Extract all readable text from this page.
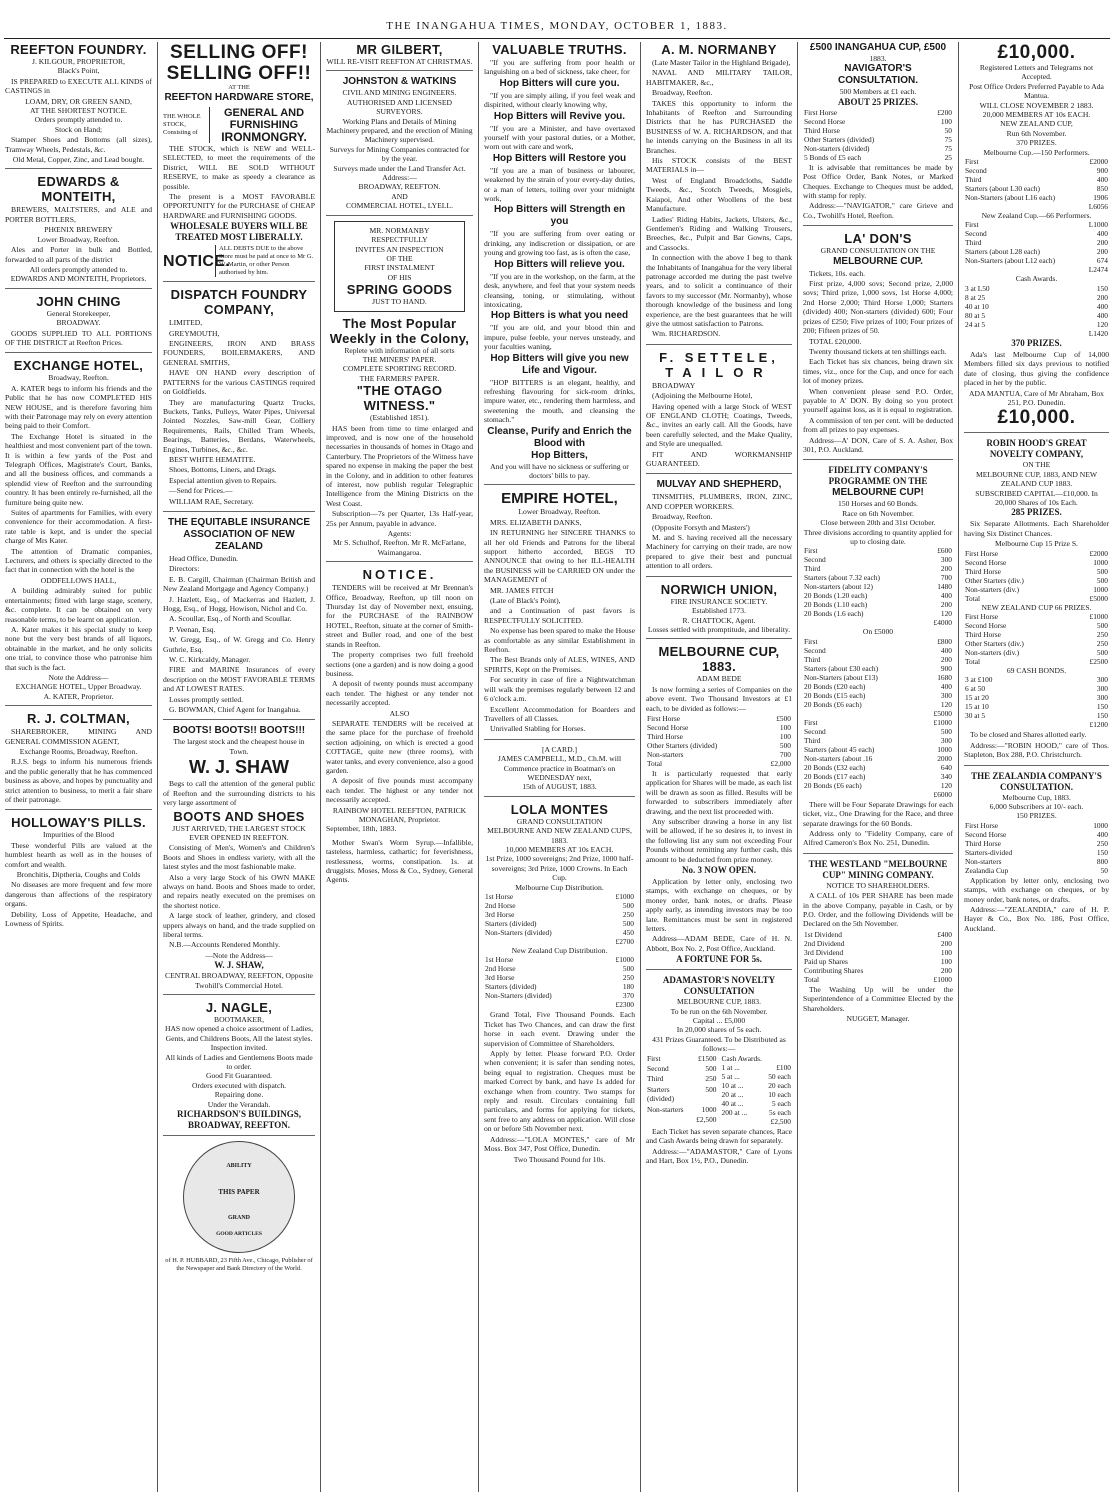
THE INANGAHUA TIMES, MONDAY, OCTOBER 1, 1883.
REEFTON FOUNDRY.
J. KILGOUR, PROPRIETOR,
Black's Point,
IS PREPARED to EXECUTE ALL KINDS of CASTINGS in
LOAM, DRY, OR GREEN SAND,
AT THE SHORTEST NOTICE.
Orders promptly attended to.
Stock on Hand;
Stamper Shoes and Bottoms (all sizes), Tramway Wheels, Pedestals, &c.
Old Metal, Copper, Zinc, and Lead bought.
EDWARDS & MONTEITH,
BREWERS, MALTSTERS, and ALE and PORTER BOTTLERS,
PHŒNIX BREWERY
Lower Broadway, Reefton.
Ales and Porter in bulk and Bottled, forwarded to all parts of the district
All orders promptly attended to.
EDWARDS AND MONTEITH, Proprietors.
JOHN CHING
General Storekeeper,
BROADWAY.
GOODS SUPPLIED TO ALL PORTIONS OF THE DISTRICT at Reefton Prices.
EXCHANGE HOTEL,
Broadway, Reefton.
A. KATER begs to inform his friends and the Public that he has now COMPLETED HIS NEW HOUSE, and is therefore favoring him with their Patronage may rely on every attention being paid to their Comfort.
The Exchange Hotel is situated in the healthiest and most convenient part of the town. It is within a few yards of the Post and Telegraph Offices, Magistrate's Court, Banks, and all the business offices, and commands a splendid view of Reefton and the surrounding country. It has been entirely re-furnished, all the furniture being quite new.
Suites of apartments for Families, with every convenience for their accommodation. A first-rate table is kept, and is under the special charge of Mrs Kater.
The attention of Dramatic companies, Lecturers, and others is specially directed to the fact that in connection with the hotel is the
ODDFELLOWS HALL,
A building admirably suited for public entertainments; fitted with large stage, scenery, &c. complete. It can be obtained on very reasonable terms, to be learnt on application.
A. Kater makes it his special study to keep none but the very best brands of all liquors, obtainable in the market, and he only solicits one trial, to convince those who patronise him that such is the fact.
Note the Address—
EXCHANGE HOTEL, Upper Broadway.
A. KATER, Proprietor.
R. J. COLTMAN,
SHAREBROKER, MINING AND GENERAL COMMISSION AGENT,
Exchange Rooms, Broadway, Reefton.
R.J.S. begs to inform his numerous friends and the public generally that he has commenced business as above, and hopes by punctuality and strict attention to business, to merit a fair share of their patronage.
HOLLOWAY'S PILLS.
Impurities of the Blood
These wonderful Pills are valued at the humblest hearth as well as in the houses of comfort and wealth.
Bronchitis, Diptheria, Coughs and Colds
No diseases are more frequent and few more dangerous than affections of the respiratory organs.
Debility, Loss of Appetite, Headache, and Lowness of Spirits.
SELLING OFF! SELLING OFF!!
AT THE
REEFTON HARDWARE STORE,
THE WHOLE STOCK,
Consisting of
GENERAL AND FURNISHING
IRONMONGRY.
THE STOCK, which is NEW and WELL-SELECTED, to meet the requirements of the District, WILL BE SOLD WITHOUT RESERVE, to make as speedy a clearance as possible.
The present is a MOST FAVORABLE OPPORTUNITY for the PURCHASE of CHEAP HARDWARE and FURNISHING GOODS.
WHOLESALE BUYERS WILL BE TREATED MOST LIBERALLY.
NOTICE.
ALL DEBTS DUE to the above Store must be paid at once to Mr G. W. Martin, or other Person authorised by him.
DISPATCH FOUNDRY COMPANY,
LIMITED,
GREYMOUTH,
ENGINEERS, IRON AND BRASS FOUNDERS, BOILERMAKERS, AND GENERAL SMITHS,
HAVE ON HAND every description of PATTERNS for the various CASTINGS required on Goldfields.
They are manufacturing Quartz Trucks, Buckets, Tanks, Pulleys, Water Pipes, Universal Jointed Nozzles, Saw-mill Gear, Colliery Requirements, Rails, Chilled Tram Wheels, Bearings, Batteries, Berdans, Waterwheels, Engines, Turbines, &c., &c.
BEST WHITE HEMATITE.
Shoes, Bottoms, Liners, and Drags.
Especial attention given to Repairs.
—Send for Prices.—
WILLIAM RAE, Secretary.
THE EQUITABLE INSURANCE ASSOCIATION OF NEW ZEALAND
Head Office, Dunedin.
Directors:
E. B. Cargill, Chairman (Chairman British and New Zealand Mortgage and Agency Company.)
J. Hazlett, Esq., of Mackerras and Hazlett, J. Hogg, Esq., of Hogg, Howison, Nichol and Co.
A. Scoullar, Esq., of North and Scoullar.
P. Veenan, Esq.
W. Gregg, Esq., of W. Gregg and Co. Henry Guthrie, Esq.
W. C. Kirkcaldy, Manager.
FIRE and MARINE Insurances of every description on the MOST FAVORABLE TERMS and AT LOWEST RATES.
Losses promptly settled.
G. BOWMAN, Chief Agent for Inangahua.
BOOTS! BOOTS!! BOOTS!!!
The largest stock and the cheapest house in Town.
W. J. SHAW
Begs to call the attention of the general public of Reefton and the surrounding districts to his very large assortment of
BOOTS AND SHOES
JUST ARRIVED, THE LARGEST STOCK EVER OPENED IN REEFTON.
Consisting of Men's, Women's and Children's Boots and Shoes in endless variety, with all the latest styles and the most fashionable make.
Also a very large Stock of his OWN MAKE always on hand. Boots and Shoes made to order, and repairs neatly executed on the premises on the shortest notice.
A large stock of leather, grindery, and closed uppers always on hand, and the trade supplied on liberal terms.
N.B.—Accounts Rendered Monthly.
—Note the Address—
W. J. SHAW,
CENTRAL BROADWAY, REEFTON, Opposite Twohill's Commercial Hotel.
J. NAGLE,
BOOTMAKER,
HAS now opened a choice assortment of Ladies, Gents, and Childrens Boots, All the latest styles. Inspection invited.
All kinds of Ladies and Gentlemens Boots made to order.
Good Fit Guaranteed.
Orders executed with dispatch.
Repairing done.
Under the Verandah.
RICHARDSON'S BUILDINGS, BROADWAY, REEFTON.
THIS PAPER
ABILITY
GRAND
GOOD ARTICLES
of H. P. HUBBARD, 23 Fifth Ave., Chicago, Publisher of the Newspaper and Bank Directory of the World.
MR GILBERT,
WILL RE-VISIT REEFTON AT CHRISTMAS.
JOHNSTON & WATKINS
CIVIL AND MINING ENGINEERS.
AUTHORISED AND LICENSED SURVEYORS.
Working Plans and Details of Mining Machinery prepared, and the erection of Mining Machinery supervised.
Surveys for Mining Companies contracted for by the year.
Surveys made under the Land Transfer Act.
Address:—
BROADWAY, REEFTON.
AND
COMMERCIAL HOTEL, LYELL.
MR. NORMANBY
RESPECTFULLY
INVITES AN INSPECTION
OF THE
FIRST INSTALMENT
OF HIS
SPRING GOODS
JUST TO HAND.
The Most Popular Weekly in the Colony,
Replete with information of all sorts
THE MINERS' PAPER.
COMPLETE SPORTING RECORD.
THE FARMERS' PAPER.
"THE OTAGO WITNESS."
(Established 1851).
HAS been from time to time enlarged and improved, and is now one of the household necessaries in thousands of homes in Otago and Canterbury. The Proprietors of the Witness have spared no expense in making the paper the best in the Colony, and in addition to other features of interest, now publish regular Telegraphic Intelligence from the Mining Districts on the West Coast.
Subscription—7s per Quarter, 13s Half-year, 25s per Annum, payable in advance.
Agents:
Mr S. Schulhof, Reefton. Mr R. McFarlane, Waimangaroa.
NOTICE.
TENDERS will be received at Mr Brennan's Office, Broadway, Reefton, up till noon on Thursday 1st day of November next, ensuing, for the PURCHASE of the RAINBOW HOTEL, Reefton, situate at the corner of Smith-street and Buller road, and one of the best stands in Reefton.
The property comprises two full freehold sections (one a garden) and is now doing a good business.
A deposit of twenty pounds must accompany each tender. The highest or any tender not necessarily accepted.
ALSO
SEPARATE TENDERS will be received at the same place for the purchase of freehold section adjoining, on which is erected a good COTTAGE, quite new (three rooms), with water tanks, and every convenience, also a good garden.
A deposit of five pounds must accompany each tender. The highest or any tender not necessarily accepted.
RAINBOW HOTEL REEFTON, PATRICK MONAGHAN, Proprietor.
September, 18th, 1883.
Mother Swan's Worm Syrup.—Infallible, tasteless, harmless, cathartic; for feverishness, restlessness, worms, constipation. 1s. at druggists. Moses, Moss & Co., Sydney, General Agents.
VALUABLE TRUTHS.
"If you are suffering from poor health or languishing on a bed of sickness, take cheer, for
Hop Bitters will cure you.
"If you are simply ailing, if you feel weak and dispirited, without clearly knowing why,
Hop Bitters will Revive you.
"If you are a Minister, and have overtaxed yourself with your pastoral duties, or a Mother, worn out with care and work,
Hop Bitters will Restore you
"If you are a man of business or labourer, weakened by the strain of your every-day duties, or a man of letters, toiling over your midnight work,
Hop Bitters will Strength en you
"If you are suffering from over eating or drinking, any indiscretion or dissipation, or are young and growing too fast, as is often the case,
Hop Bitters will relieve you.
"If you are in the workshop, on the farm, at the desk, anywhere, and feel that your system needs cleansing, toning, or stimulating, without intoxicating,
Hop Bitters is what you need
"If you are old, and your blood thin and impure, pulse feeble, your nerves unsteady, and your faculties waning,
Hop Bitters will give you new Life and Vigour.
"HOP BITTERS is an elegant, healthy, and refreshing flavouring for sick-room drinks, impure water, etc., rendering them harmless, and sweetening the mouth, and cleansing the stomach."
Cleanse, Purify and Enrich the Blood with
Hop Bitters,
And you will have no sickness or suffering or doctors' bills to pay.
EMPIRE HOTEL,
Lower Broadway, Reefton.
MRS. ELIZABETH DANKS,
IN RETURNING her SINCERE THANKS to all her old Friends and Patrons for the liberal support hitherto accorded, BEGS TO ANNOUNCE that owing to her ILL-HEALTH the BUSINESS will be CARRIED ON under the MANAGEMENT of
MR. JAMES FITCH
(Late of Black's Point),
and a Continuation of past favors is RESPECTFULLY SOLICITED.
No expense has been spared to make the House as comfortable as any similar Establishment in Reefton.
The Best Brands only of ALES, WINES, AND SPIRITS, Kept on the Premises.
For security in case of fire a Nightwatchman will walk the premises regularly between 12 and 6 o'clock a.m.
Excellent Accommodation for Boarders and Travellers of all Classes.
Unrivalled Stabling for Horses.
[A CARD.]
JAMES CAMPBELL, M.D., Ch.M. will
Commence practice in Boatman's on
WEDNESDAY next,
15th of AUGUST, 1883.
LOLA MONTES
GRAND CONSULTATION
MELBOURNE AND NEW ZEALAND CUPS, 1883.
10,000 MEMBERS AT 10s EACH.
1st Prize, 1000 sovereigns; 2nd Prize, 1000 half-sovereigns; 3rd Prize, 1000 Crowns. In Each Cup.
Melbourne Cup Distribution.
1st Horse	£1000
2nd Horse	500
3rd Horse	250
Starters (divided)	500
Non-Starters (divided)	450
	£2700
New Zealand Cup Distribution.
1st Horse	£1000
2nd Horse	500
3rd Horse	250
Starters (divided)	180
Non-Starters (divided)	370
	£2300
Grand Total, Five Thousand Pounds. Each Ticket has Two Chances, and can draw the first horse in each event. Drawing under the supervision of Committee of Shareholders.
Apply by letter. Please forward P.O. Order when convenient; it is safer than sending notes, being equal to registration. Cheques must be marked Correct by bank, and have 1s added for exchange when from country. Two stamps for reply and result. Circulars containing full particulars, and forms for applying for tickets, sent free to any address on application. Will close on or before 5th November next.
Address:—"LOLA MONTES," care of Mr Moss. Box 347, Post Office, Dunedin.
Two Thousand Pound for 10s.
A. M. NORMANBY
(Late Master Tailor in the Highland Brigade),
NAVAL AND MILITARY TAILOR, HABITMAKER, &c.,
Broadway, Reefton.
TAKES this opportunity to inform the Inhabitants of Reefton and Surrounding Districts that he has PURCHASED the BUSINESS of W. A. RICHARDSON, and that he intends carrying on the Business in all its Branches.
His STOCK consists of the BEST MATERIALS in—
West of England Broadcloths, Saddle Tweeds, &c., Scotch Tweeds, Mosgiels, Kaiapoi, And other Woollens of the best Manufacture.
Ladies' Riding Habits, Jackets, Ulsters, &c., Gentlemen's Riding and Walking Trousers, Breeches, &c., Pulpit and Bar Gowns, Caps, and Cassocks.
In connection with the above I beg to thank the Inhabitants of Inangahua for the very liberal patronage accorded me during the past twelve years, and to solicit a continuance of their favors to my successor (Mr. Normanby), whose thorough knowledge of the business and long experience, are the best guarantees that he will give the utmost satisfaction to Patrons.
Wm. RICHARDSON.
F. SETTELE,
TAILOR
BROADWAY
(Adjoining the Melbourne Hotel,
Having opened with a large Stock of WEST OF ENGLAND CLOTH; Coatings, Tweeds, &c., invites an early call. All the Goods, have been carefully selected, and the Make Quality, and Style are unequalled.
FIT AND WORKMANSHIP GUARANTEED.
MULVAY AND SHEPHERD,
TINSMITHS, PLUMBERS, IRON, ZINC, AND COPPER WORKERS.
Broadway, Reefton.
(Opposite Forsyth and Masters')
M. and S. having received all the necessary Machinery for carrying on their trade, are now prepared to give their best and punctual attention to all orders.
NORWICH UNION,
FIRE INSURANCE SOCIETY.
Established 1773.
R. CHATTOCK, Agent.
Losses settled with promptitude, and liberality.
MELBOURNE CUP, 1883.
ADAM BEDE
Is now forming a series of Companies on the above event. Two Thousand Investors at £1 each, to be divided as follows:—
First Horse	£500
Second Horse	100
Third Horse	100
Other Starters (divided)	500
Non-starters	700
Total	£2,000
It is particularly requested that early application for Shares will be made, as each list will be drawn as soon as filled. Results will be forwarded to subscribers immediately after drawing, and the next list proceeded with.
Any subscriber drawing a horse in any list will be allowed, if he so desires it, to invest in the following list any sum not exceeding Four Pounds without remitting any further cash, this amount to be deducted from prize money.
No. 3 NOW OPEN.
Application by letter only, enclosing two stamps, with exchange on cheques, or by money order, bank notes, or drafts. Please apply early, as intending investors may be too late. Remittances must be sent in registered letters.
Address—ADAM BEDE, Care of H. N. Abbott, Box No. 2, Post Office, Auckland.
A FORTUNE FOR 5s.
ADAMASTOR'S NOVELTY CONSULTATION
MELBOURNE CUP, 1883.
To be run on the 6th November.
Capital ... £5,000
In 20,000 shares of 5s each.
431 Prizes Guaranteed. To be Distributed as follows:—
First	£1500
Second	500
Third	250
Starters (divided)	500
Non-starters	1000
	£2,500
Cash Awards.	
1 at ...	£100
5 at ...	50 each
10 at ...	20 each
20 at ...	10 each
40 at ...	5 each
200 at ...	5s each
	£2,500
Each Ticket has seven separate chances, Race and Cash Awards being drawn for separately.
Address:—"ADAMASTOR," Care of Lyons and Hart, Box 1½, P.O., Dunedin.
£500 INANGAHUA CUP, £500
1883.
NAVIGATOR'S CONSULTATION.
500 Members at £1 each.
ABOUT 25 PRIZES.
First Horse	£200
Second Horse	100
Third Horse	50
Other Starters (divided)	75
Non-starters (divided)	75
5 Bonds of £5 each	25
It is advisable that remittances be made by Post Office Order, Bank Notes, or Marked Cheques. Exchange to Cheques must be added, with stamp for reply.
Address:—"NAVIGATOR," care Grieve and Co., Twohill's Hotel, Reefton.
LA' DON'S
GRAND CONSULTATION ON THE
MELBOURNE CUP.
Tickets, 10s. each.
First prize, 4,000 sovs; Second prize, 2,000 sovs; Third prize, 1,000 sovs, 1st Horse 4,000; 2nd Horse 2,000; Third Horse 1,000; Starters (divided) 400; Non-starters (divided) 600; Four prizes of £250; Five prizes of 100; Four prizes of 200; Fifteen prizes of 50.
TOTAL £20,000.
Twenty thousand tickets at ten shillings each.
Each Ticket has six chances, being drawn six times, viz., once for the Cup, and once for each lot of money prizes.
When convenient please send P.O. Order, payable to A' DON. By doing so you protect yourself against loss, as it is equal to registration.
A commission of ten per cent. will be deducted from all prizes to pay expenses.
Address—A' DON, Care of S. A. Asher, Box 301, P.O. Auckland.
FIDELITY COMPANY'S PROGRAMME ON THE
MELBOURNE CUP!
150 Horses and 60 Bonds.
Race on 6th November.
Close between 20th and 31st October.
Three divisions according to quantity applied for up to closing date.
First	£600
Second	300
Third	200
Starters (about 7.32 each)	700
Non-starters (about 12)	1480
20 Bonds (1.20 each)	400
20 Bonds (1.10 each)	200
20 Bonds (1.6 each)	120
	£4000
On £5000
First	£800
Second	400
Third	200
Starters (about £30 each)	900
Non-Starters (about £13)	1680
20 Bonds (£20 each)	400
20 Bonds (£15 each)	300
20 Bonds (£6 each)	120
	£5000
First	£1000
Second	500
Third	300
Starters (about 45 each)	1000
Non-starters (about .16	2000
20 Bonds (£32 each)	640
20 Bonds (£17 each)	340
20 Bonds (£6 each)	120
	£6000
There will be Four Separate Drawings for each ticket, viz., One Drawing for the Race, and three separate drawings for the 60 Bonds.
Address only to "Fidelity Company, care of Alfred Cameron's Box No. 251, Dunedin.
THE WESTLAND "MELBOURNE CUP" MINING COMPANY.
NOTICE TO SHAREHOLDERS.
A CALL of 10s PER SHARE has been made in the above Company, payable in Cash, or by P.O. Order, and the following Dividends will be Declared on the 5th November.
1st Dividend	£400
2nd Dividend	200
3rd Dividend	100
Paid up Shares	100
Contributing Shares	200
Total	£1000
The Washing Up will be under the Superintendence of a Committee Elected by the Shareholders.
NUGGET, Manager.
£10,000.
Registered Letters and Telegrams not Accepted.
Post Office Orders Preferred Payable to Ada Mantua.
WILL CLOSE NOVEMBER 2 1883.
20,000 MEMBERS AT 10s EACH.
NEW ZEALAND CUP,
Run 6th November.
370 PRIZES.
Melbourne Cup.—150 Performers.
First	£2000
Second	900
Third	400
Starters (about L30 each)	850
Non-Starters (about L16 each)	1906
	L6056
New Zealand Cup.—66 Performers.
First	L1000
Second	400
Third	200
Starters (about L28 each)	200
Non-Starters (about L12 each)	674
	L2474
Cash Awards.
3 at L50	150
8 at 25	200
40 at 10	400
80 at 5	400
24 at 5	120
	L1420
370 PRIZES.
Ada's last Melbourne Cup of 14,000 Members filled six days previous to notified date of closing, thus giving the confidence placed in her by the public.
ADA MANTUA, Care of Mr Abraham, Box 251, P.O. Dunedin.
£10,000.
ROBIN HOOD'S GREAT NOVELTY COMPANY,
ON THE
MELBOURNE CUP, 1883, AND NEW ZEALAND CUP 1883.
SUBSCRIBED CAPITAL—£10,000. In 20,000 Shares of 10s Each.
285 PRIZES.
Six Separate Allotments. Each Shareholder having Six Distinct Chances.
Melbourne Cup 15 Prize S.
First Horse	£2000
Second Horse	1000
Third Horse	500
Other Starters (div.)	500
Non-starters (div.)	1000
Total	£5000
NEW ZEALAND CUP 66 PRIZES.
First Horse	£1000
Second Horse	500
Third Horse	250
Other Starters (div.)	250
Non-starters (div.)	500
Total	£2500
69 CASH BONDS.
3 at £100	300
6 at 50	300
15 at 20	300
15 at 10	150
30 at 5	150
	£1200
To be closed and Shares allotted early.
Address:—"ROBIN HOOD," care of Thos. Stapleton, Box 288, P.O. Christchurch.
THE ZEALANDIA COMPANY'S CONSULTATION.
Melbourne Cup, 1883.
6,000 Subscribers at 10/- each.
150 PRIZES.
First Horse	1000
Second Horse	400
Third Horse	250
Starters-divided	150
Non-starters	800
Zealandia Cup	50
Application by letter only, enclosing two stamps, with exchange on cheques, or by money order, bank notes, or drafts.
Address:—"ZEALANDIA," care of H. P. Hayer & Co., Box No. 186, Post Office, Auckland.
